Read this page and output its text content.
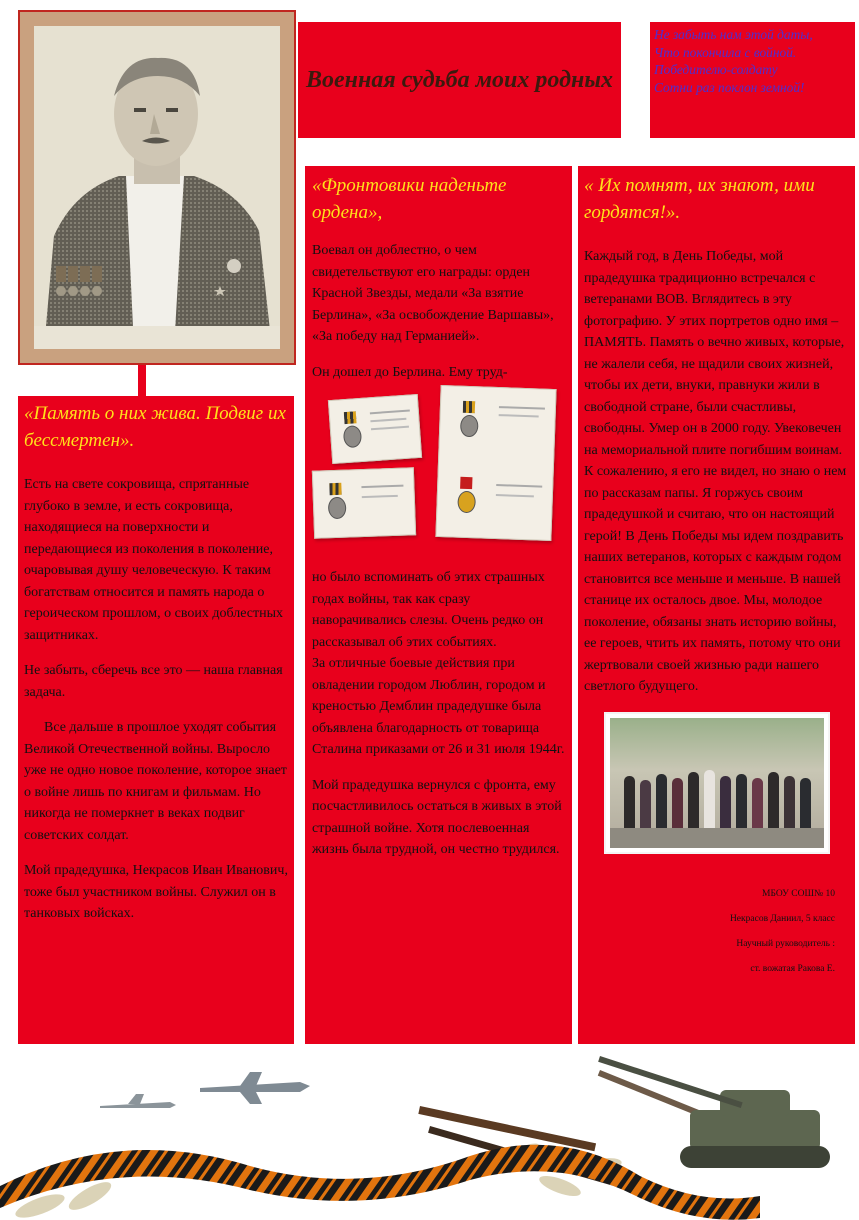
Военная судьба моих родных
Не забыть нам этой даты,
Что покончила с войной.
Победителю-солдату
Сотни раз поклон земной!

«Память о них жива. Подвиг их бессмертен».

Есть на свете сокровища, спрятанные глубоко в земле, и есть сокровища, находящиеся на поверхности и передающиеся из поколения в поколение, очаровывая душу человеческую. К таким богатствам относится и память народа о героическом прошлом, о своих доблестных защитниках.

Не забыть, сберечь все это — наша главная задача.

Все дальше в прошлое уходят события Великой Отечественной войны. Выросло уже не одно новое поколение, которое знает о войне лишь по книгам и фильмам. Но никогда не померкнет в веках подвиг советских солдат.

Мой прадедушка, Некрасов Иван Иванович, тоже был участником войны. Служил он в танковых войсках.

«Фронтовики наденьте ордена»,

Воевал он доблестно, о чем свидетельствуют его награды: орден Красной Звезды, медали «За взятие Берлина», «За освобождение Варшавы», «За победу над Германией».

Он дошел до Берлина. Ему труд-

но было вспоминать об этих страшных годах войны, так как сразу наворачивались слезы. Очень редко он рассказывал об этих событиях.

За отличные боевые действия при овладении городом Люблин, городом и креностью Демблин прадедушке была объявлена благодарность от товарища Сталина приказами от 26 и 31 июля 1944г.

Мой прадедушка вернулся с фронта, ему посчастливилось остаться в живых в этой страшной войне. Хотя послевоенная жизнь была трудной, он честно трудился.

« Их помнят, их знают, ими гордятся!».

Каждый год, в День Победы, мой прадедушка традиционно встречался с ветеранами ВОВ. Вглядитесь в эту фотографию. У этих портретов одно имя – ПАМЯТЬ. Память о вечно живых, которые, не жалели себя, не щадили своих жизней, чтобы их дети, внуки, правнуки жили в свободной стране, были счастливы, свободны. Умер он в 2000 году. Увековечен на мемориальной плите погибшим воинам. К сожалению, я его не видел, но знаю о нем по рассказам папы. Я горжусь своим прадедушкой и считаю, что он настоящий герой! В День Победы мы идем поздравить наших ветеранов, которых с каждым годом становится все меньше и меньше. В нашей станице их осталось двое. Мы, молодое поколение, обязаны знать историю войны, ее героев, чтить их память, потому что они жертвовали своей жизнью ради нашего светлого будущего.

МБОУ СОШ№ 10
Некрасов Даниил, 5 класс
Научный руководитель :
ст. вожатая Ракова Е.
